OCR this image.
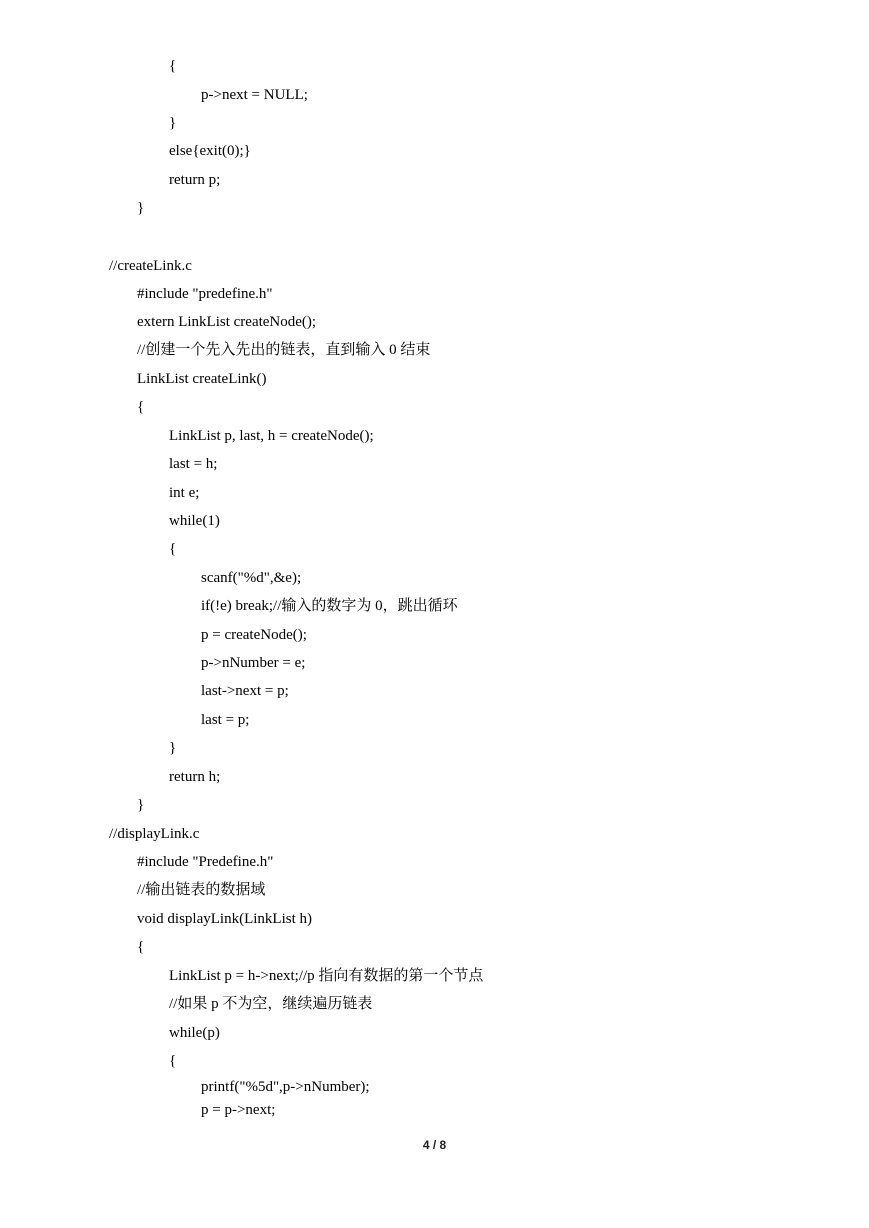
{
p->next = NULL;
}
else{exit(0);}
return p;
}
//createLink.c
#include "predefine.h"
extern LinkList createNode();
//创建一个先入先出的链表，直到输入 0 结束
LinkList createLink()
{
LinkList p, last, h = createNode();
last = h;
int e;
while(1)
{
scanf("%d",&e);
if(!e) break;//输入的数字为 0，跳出循环
p = createNode();
p->nNumber = e;
last->next = p;
last = p;
}
return h;
}
//displayLink.c
#include "Predefine.h"
//输出链表的数据域
void displayLink(LinkList h)
{
LinkList p = h->next;//p 指向有数据的第一个节点
//如果 p 不为空，继续遍历链表
while(p)
{
printf("%5d",p->nNumber);
p = p->next;
4 / 8
